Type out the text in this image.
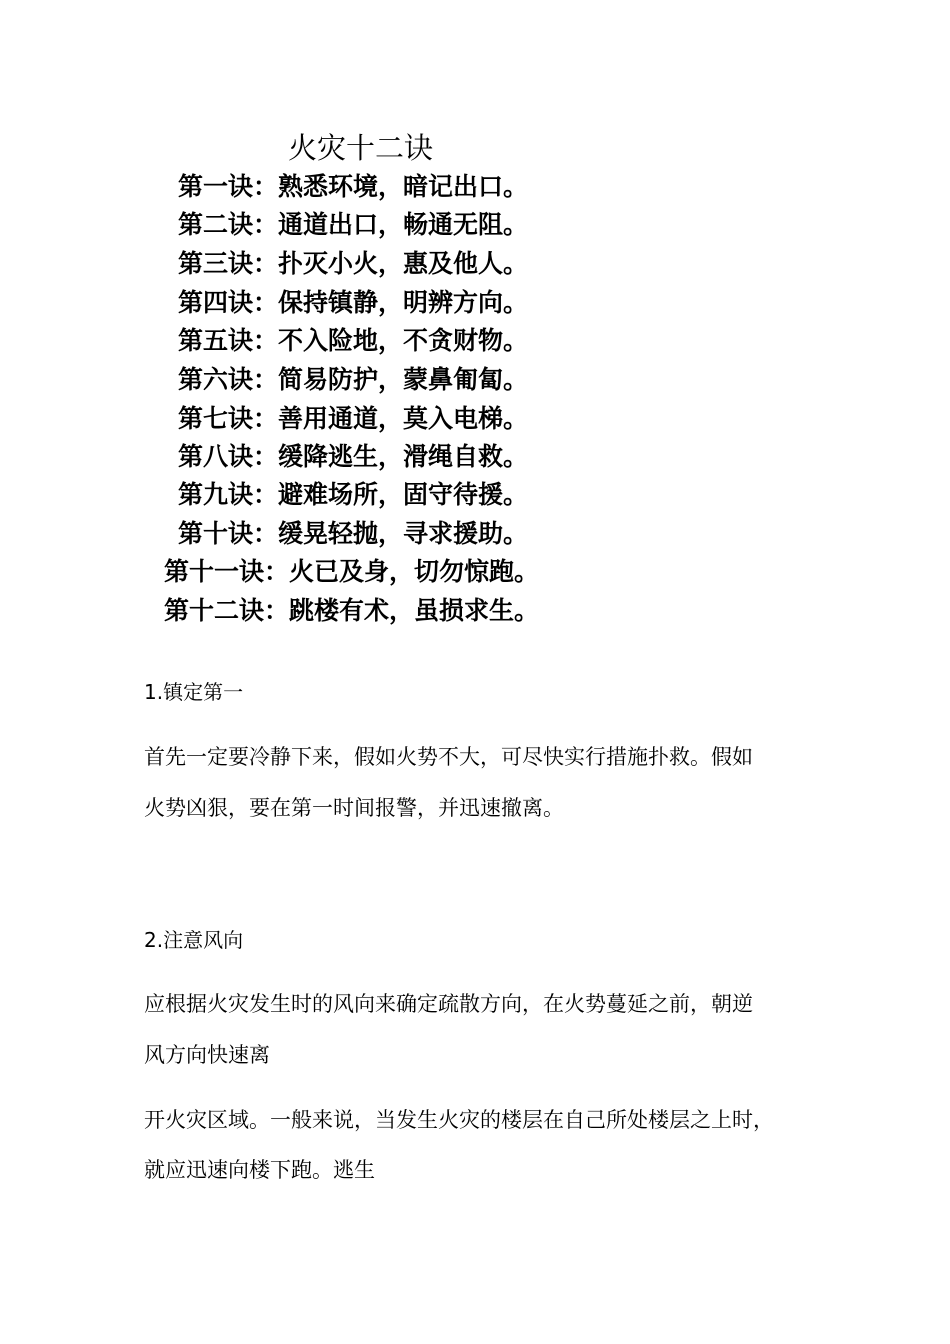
火灾十二诀
第一诀：熟悉环境，暗记出口。
第二诀：通道出口，畅通无阻。
第三诀：扑灭小火，惠及他人。
第四诀：保持镇静，明辨方向。
第五诀：不入险地，不贪财物。
第六诀：简易防护，蒙鼻匍匐。
第七诀：善用通道，莫入电梯。
第八诀：缓降逃生，滑绳自救。
第九诀：避难场所，固守待援。
第十诀：缓晃轻抛，寻求援助。
第十一诀：火已及身，切勿惊跑。
第十二诀：跳楼有术，虽损求生。

1.镇定第一

首先一定要冷静下来，假如火势不大，可尽快实行措施扑救。假如

火势凶狠，要在第一时间报警，并迅速撤离。

2.注意风向

应根据火灾发生时的风向来确定疏散方向，在火势蔓延之前，朝逆

风方向快速离

开火灾区域。一般来说，当发生火灾的楼层在自己所处楼层之上时，

就应迅速向楼下跑。逃生
